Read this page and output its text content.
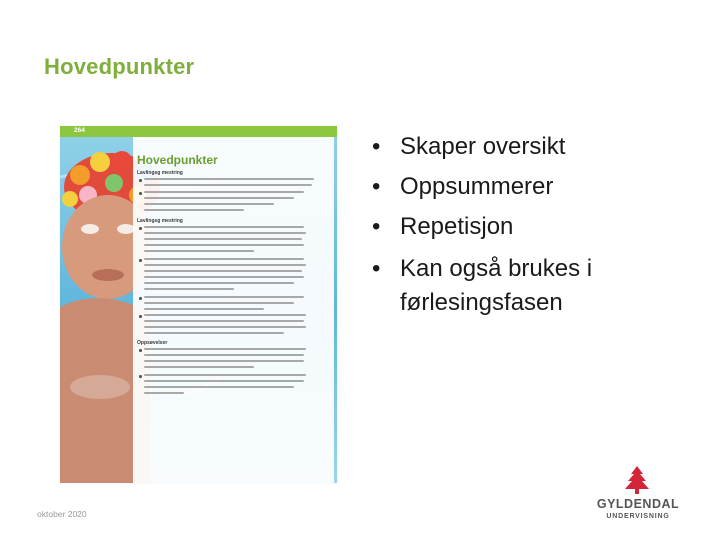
Hovedpunkter
264
Hovedpunkter
Lavlingsg mestring
Lavlingsg mestring
Oppsøvelser
• Skaper oversikt
• Oppsummerer
• Repetisjon
• Kan også brukes i førlesingsfasen
oktober 2020
GYLDENDAL
UNDERVISNING
